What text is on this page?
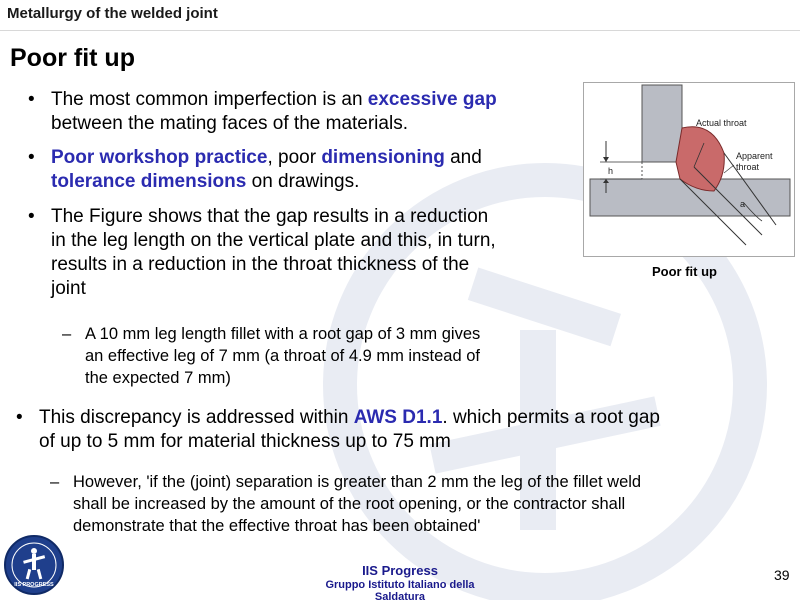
Metallurgy of the welded joint
Poor fit up
• The most common imperfection is an excessive gap
between the mating faces of the materials.
• Poor workshop practice, poor dimensioning and
tolerance dimensions on drawings.
• The Figure shows that the gap results in a reduction
in the leg length on the vertical plate and this, in turn,
results in a reduction in the throat thickness of the
joint
– A 10 mm leg length fillet with a root gap of 3 mm gives
an effective leg of 7 mm (a throat of 4.9 mm instead of
the expected 7 mm)
• This discrepancy is addressed within AWS D1.1. which permits a root gap
of up to 5 mm for material thickness up to 75 mm
– However, 'if the (joint) separation is greater than 2 mm the leg of the fillet weld
shall be increased by the amount of the root opening, or the contractor shall
demonstrate that the effective throat has been obtained'
h
a
Actual throat
Apparent
throat
Poor fit up
IIS PROGRESS
IIS Progress
Gruppo Istituto Italiano della Saldatura
39
